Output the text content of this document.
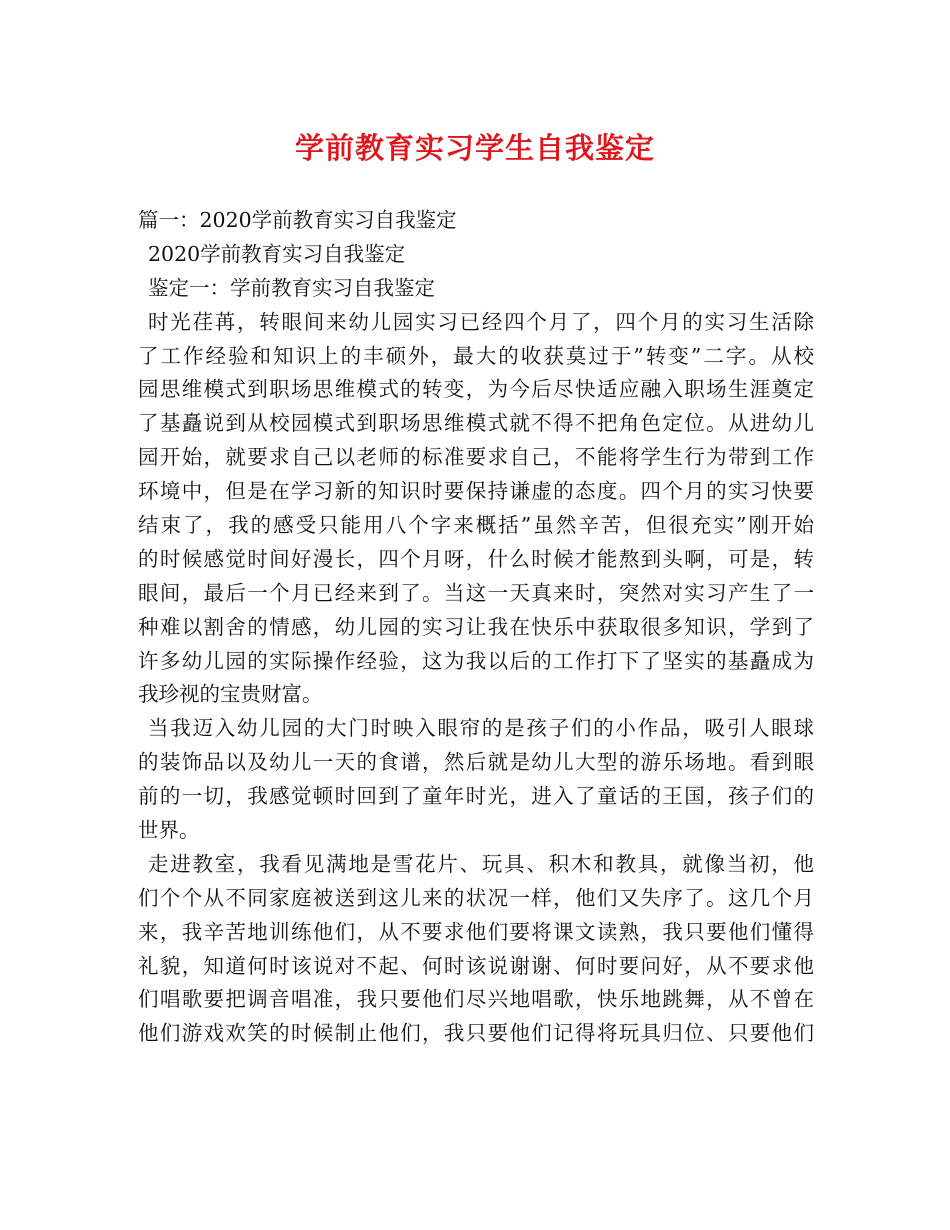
学前教育实习学生自我鉴定
篇一：2020学前教育实习自我鉴定
2020学前教育实习自我鉴定
鉴定一：学前教育实习自我鉴定
时光荏苒，转眼间来幼儿园实习已经四个月了，四个月的实习生活除
了工作经验和知识上的丰硕外，最大的收获莫过于”转变”二字。从校
园思维模式到职场思维模式的转变，为今后尽快适应融入职场生涯奠定
了基矗说到从校园模式到职场思维模式就不得不把角色定位。从进幼儿
园开始，就要求自己以老师的标准要求自己，不能将学生行为带到工作
环境中，但是在学习新的知识时要保持谦虚的态度。四个月的实习快要
结束了，我的感受只能用八个字来概括”虽然辛苦，但很充实”刚开始
的时候感觉时间好漫长，四个月呀，什么时候才能熬到头啊，可是，转
眼间，最后一个月已经来到了。当这一天真来时，突然对实习产生了一
种难以割舍的情感，幼儿园的实习让我在快乐中获取很多知识，学到了
许多幼儿园的实际操作经验，这为我以后的工作打下了坚实的基矗成为
我珍视的宝贵财富。
当我迈入幼儿园的大门时映入眼帘的是孩子们的小作品，吸引人眼球
的装饰品以及幼儿一天的食谱，然后就是幼儿大型的游乐场地。看到眼
前的一切，我感觉顿时回到了童年时光，进入了童话的王国，孩子们的
世界。
走进教室，我看见满地是雪花片、玩具、积木和教具，就像当初，他
们个个从不同家庭被送到这儿来的状况一样，他们又失序了。这几个月
来，我辛苦地训练他们，从不要求他们要将课文读熟，我只要他们懂得
礼貌，知道何时该说对不起、何时该说谢谢、何时要问好，从不要求他
们唱歌要把调音唱准，我只要他们尽兴地唱歌，快乐地跳舞，从不曾在
他们游戏欢笑的时候制止他们，我只要他们记得将玩具归位、只要他们
